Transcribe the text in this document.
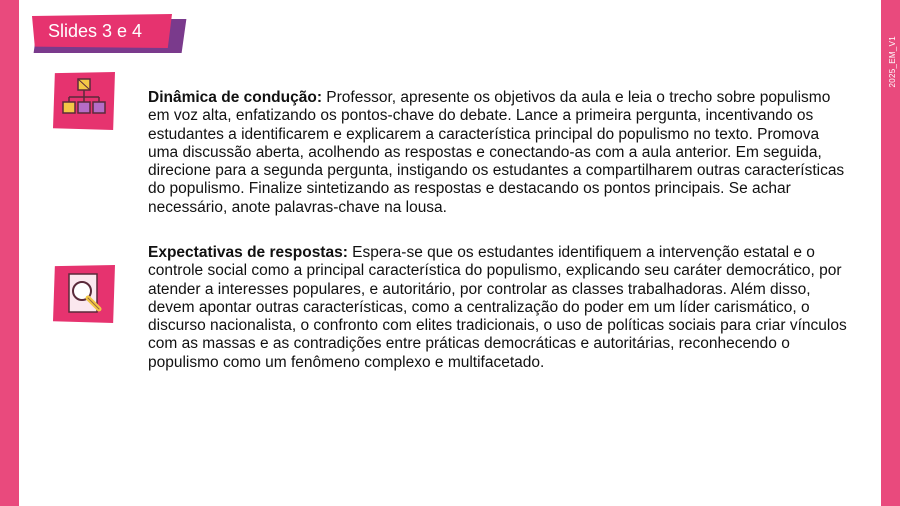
2025_EM_V1
Slides 3 e 4
Dinâmica de condução: Professor, apresente os objetivos da aula e leia o trecho sobre populismo em voz alta, enfatizando os pontos-chave do debate. Lance a primeira pergunta, incentivando os estudantes a identificarem e explicarem a característica principal do populismo no texto. Promova uma discussão aberta, acolhendo as respostas e conectando-as com a aula anterior. Em seguida, direcione para a segunda pergunta, instigando os estudantes a compartilharem outras características do populismo. Finalize sintetizando as respostas e destacando os pontos principais. Se achar necessário, anote palavras-chave na lousa.
Expectativas de respostas: Espera-se que os estudantes identifiquem a intervenção estatal e o controle social como a principal característica do populismo, explicando seu caráter democrático, por atender a interesses populares, e autoritário, por controlar as classes trabalhadoras. Além disso, devem apontar outras características, como a centralização do poder em um líder carismático, o discurso nacionalista, o confronto com elites tradicionais, o uso de políticas sociais para criar vínculos com as massas e as contradições entre práticas democráticas e autoritárias, reconhecendo o populismo como um fenômeno complexo e multifacetado.
